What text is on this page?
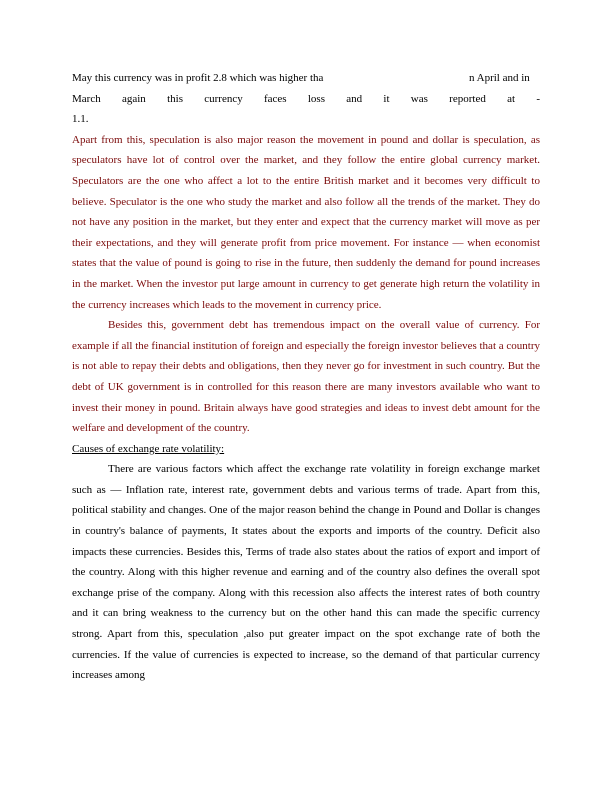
May this currency was in profit 2.8 which was higher tha	n April and in
March again this currency faces loss and it was reported at -
1.1.

Apart from this, speculation is also major reason the movement in pound and dollar is speculation, as speculators have lot of control over the market, and they follow the entire global currency market. Speculators are the one who affect a lot to the entire British market and it becomes very difficult to believe. Speculator is the one who study the market and also follow all the trends of the market. They do not have any position in the market, but they enter and expect that the currency market will move as per their expectations, and they will generate profit from price movement. For instance — when economist states that the value of pound is going to rise in the future, then suddenly the demand for pound increases in the market. When the investor put large amount in currency to get generate high return the volatility in the currency increases which leads to the movement in currency price.

Besides this, government debt has tremendous impact on the overall value of currency. For example if all the financial institution of foreign and especially the foreign investor believes that a country is not able to repay their debts and obligations, then they never go for investment in such country. But the debt of UK government is in controlled for this reason there are many investors available who want to invest their money in pound. Britain always have good strategies and ideas to invest debt amount for the welfare and development of the country.

Causes of exchange rate volatility:

There are various factors which affect the exchange rate volatility in foreign exchange market such as — Inflation rate, interest rate, government debts and various terms of trade. Apart from this, political stability and changes. One of the major reason behind the change in Pound and Dollar is changes in country's balance of payments, It states about the exports and imports of the country. Deficit also impacts these currencies. Besides this, Terms of trade also states about the ratios of export and import of the country. Along with this higher revenue and earning and of the country also defines the overall spot exchange prise of the company. Along with this recession also affects the interest rates of both country and it can bring weakness to the currency but on the other hand this can made the specific currency strong. Apart from this, speculation ,also put greater impact on the spot exchange rate of both the currencies. If the value of currencies is expected to increase, so the demand of that particular currency increases among
